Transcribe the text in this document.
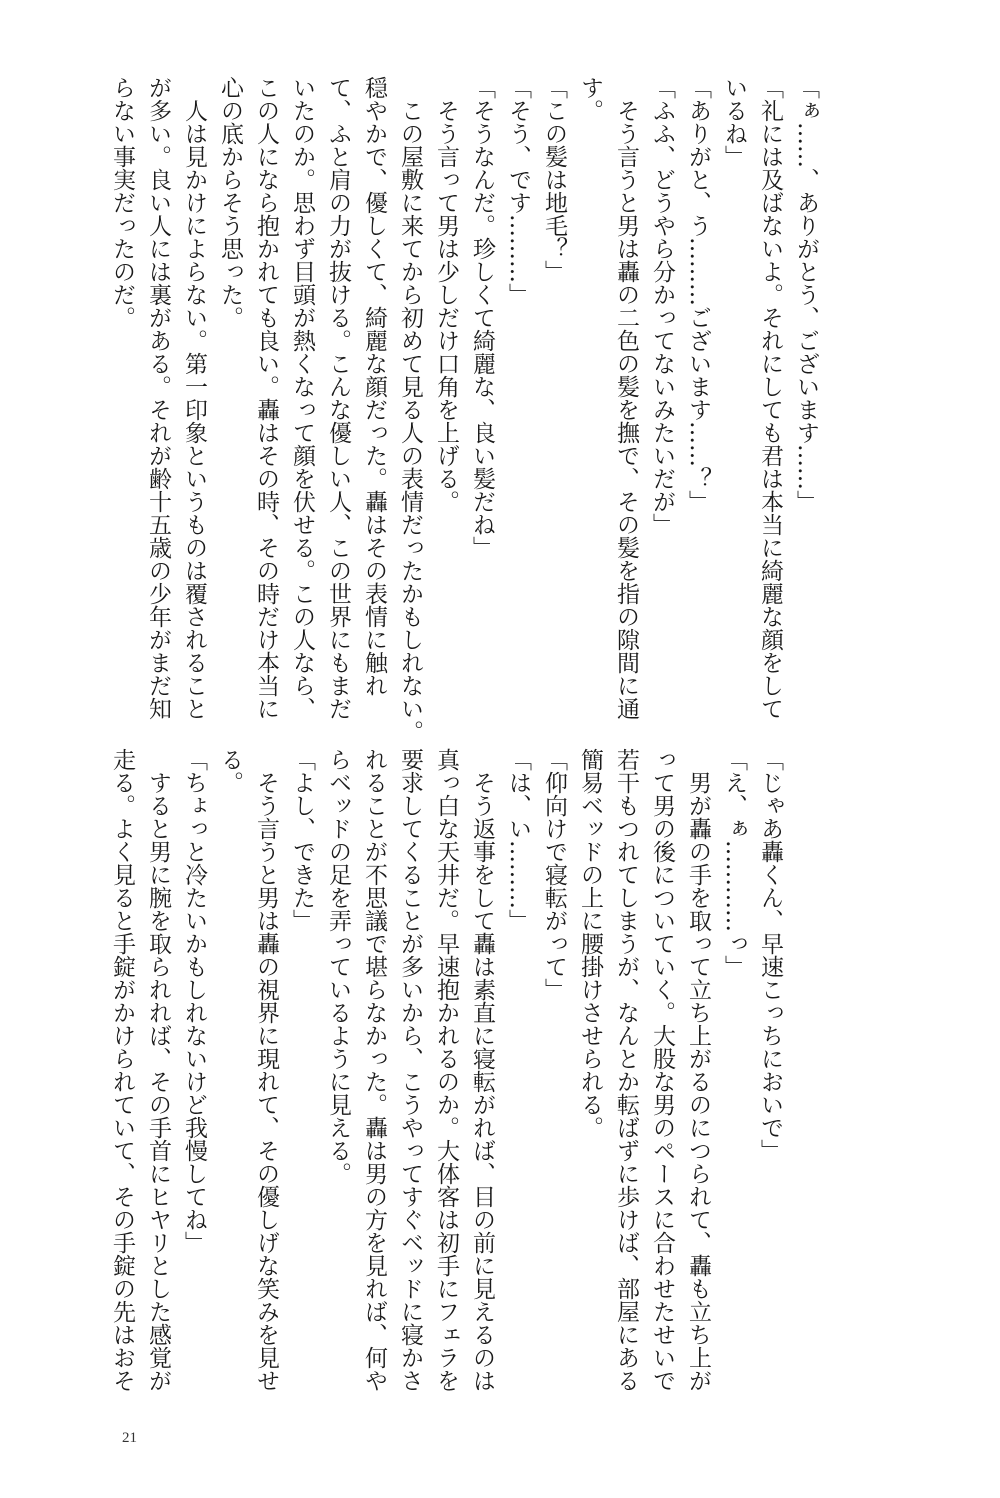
「ぁ……、ありがとう、ございます……」
「礼には及ばないよ。それにしても君は本当に綺麗な顔をして
いるね」
「ありがと、う………ございます……？」
「ふふ、どうやら分かってないみたいだが」
　そう言うと男は轟の二色の髪を撫で、その髪を指の隙間に通
す。
「この髪は地毛？」
「そう、です………」
「そうなんだ。珍しくて綺麗な、良い髪だね」
　そう言って男は少しだけ口角を上げる。
　この屋敷に来てから初めて見る人の表情だったかもしれない。
穏やかで、優しくて、綺麗な顔だった。轟はその表情に触れ
て、ふと肩の力が抜ける。こんな優しい人、この世界にもまだ
いたのか。思わず目頭が熱くなって顔を伏せる。この人なら、
この人になら抱かれても良い。轟はその時、その時だけ本当に
心の底からそう思った。
　人は見かけによらない。第一印象というものは覆されること
が多い。良い人には裏がある。それが齢十五歳の少年がまだ知
らない事実だったのだ。
「じゃあ轟くん、早速こっちにおいで」
「え、ぁ…………っ」
　男が轟の手を取って立ち上がるのにつられて、轟も立ち上が
って男の後についていく。大股な男のペースに合わせたせいで
若干もつれてしまうが、なんとか転ばずに歩けば、部屋にある
簡易ベッドの上に腰掛けさせられる。
「仰向けで寝転がって」
「は、い………」
　そう返事をして轟は素直に寝転がれば、目の前に見えるのは
真っ白な天井だ。早速抱かれるのか。大体客は初手にフェラを
要求してくることが多いから、こうやってすぐベッドに寝かさ
れることが不思議で堪らなかった。轟は男の方を見れば、何や
らベッドの足を弄っているように見える。
「よし、できた」
　そう言うと男は轟の視界に現れて、その優しげな笑みを見せ
る。
「ちょっと冷たいかもしれないけど我慢してね」
　すると男に腕を取られれば、その手首にヒヤリとした感覚が
走る。よく見ると手錠がかけられていて、その手錠の先はおそ
21
